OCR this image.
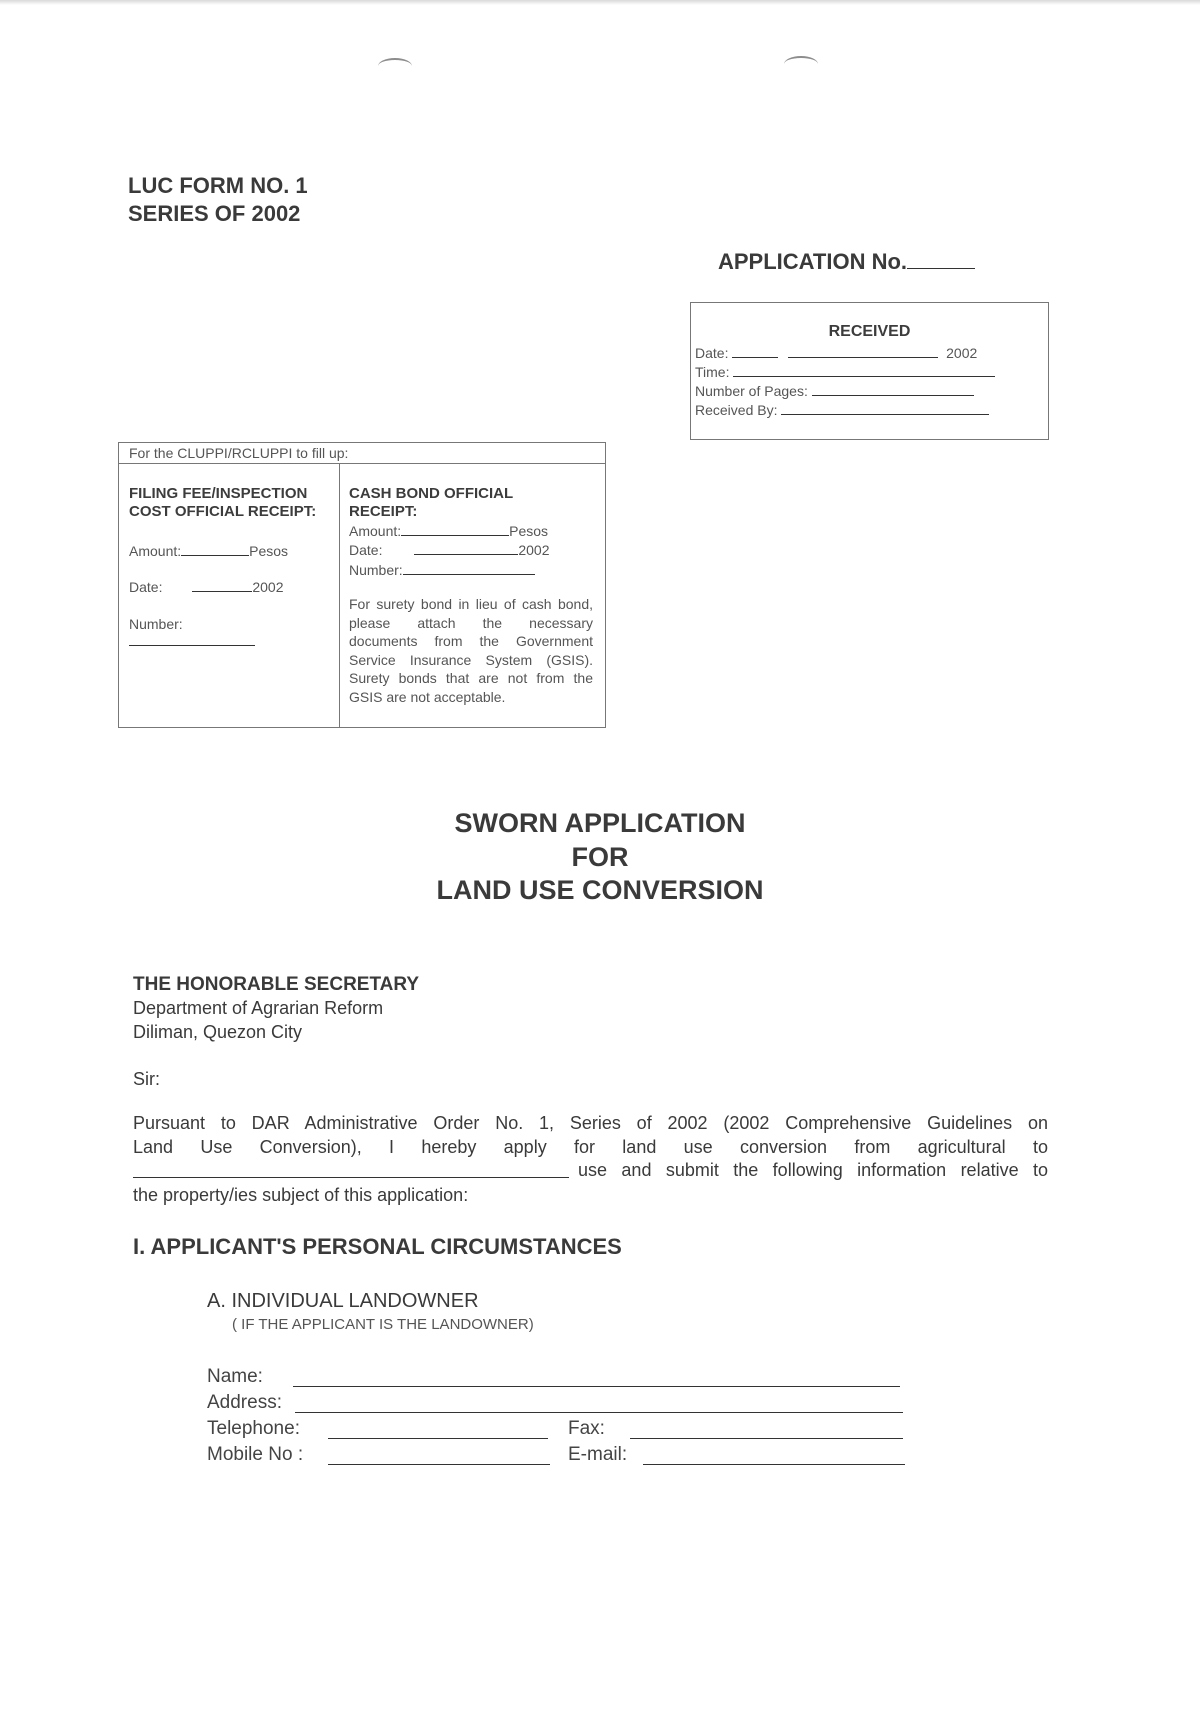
LUC FORM NO. 1
SERIES OF 2002
APPLICATION No.
RECEIVED
Date:	2002
Time:
Number of Pages:
Received By:
For the CLUPPI/RCLUPPI to fill up:
FILING FEE/INSPECTION COST OFFICIAL RECEIPT:
Amount:	Pesos
Date:	2002
Number:
CASH BOND OFFICIAL RECEIPT:
Amount:	Pesos
Date:	2002
Number:
For surety bond in lieu of cash bond, please attach the necessary documents from the Government Service Insurance System (GSIS). Surety bonds that are not from the GSIS are not acceptable.
SWORN APPLICATION
FOR
LAND USE CONVERSION
THE HONORABLE SECRETARY
Department of Agrarian Reform
Diliman, Quezon City
Sir:
Pursuant to DAR Administrative Order No. 1, Series of 2002 (2002 Comprehensive Guidelines on
Land Use Conversion), I hereby apply for land use conversion from agricultural to
use and submit the following information relative to
the property/ies subject of this application:
I. APPLICANT'S PERSONAL CIRCUMSTANCES
A. INDIVIDUAL LANDOWNER
( IF THE APPLICANT IS THE LANDOWNER)
Name:
Address:
Telephone:	Fax:
Mobile No :	E-mail:
